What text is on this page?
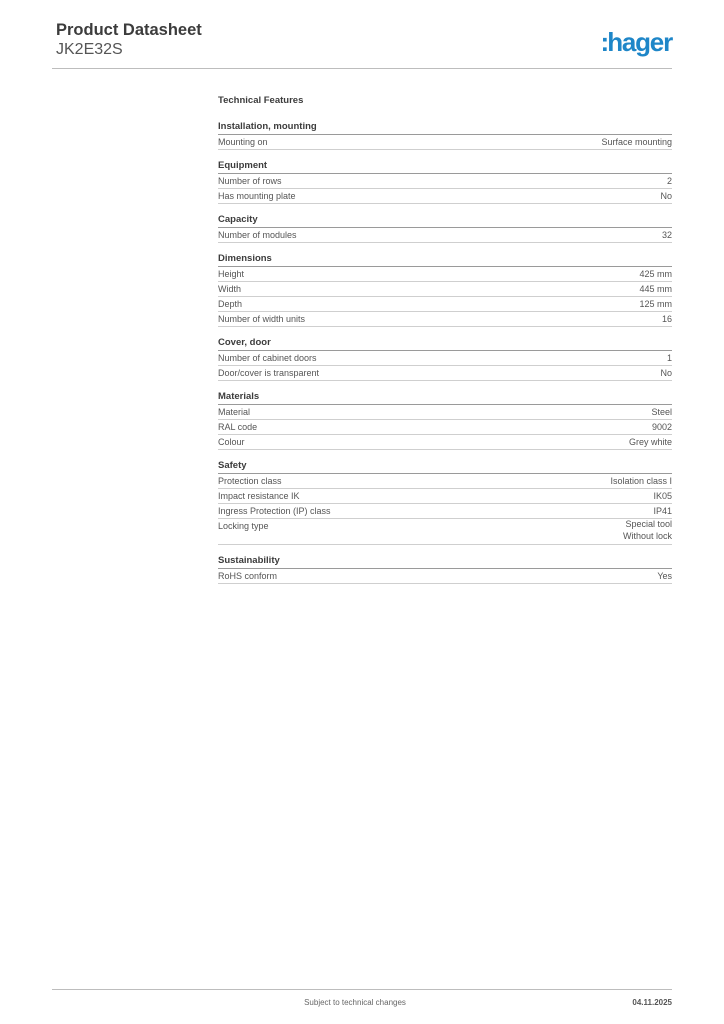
Product Datasheet
JK2E32S	:hager
Technical Features
Installation, mounting
Mounting on	Surface mounting
Equipment
Number of rows	2
Has mounting plate	No
Capacity
Number of modules	32
Dimensions
Height	425 mm
Width	445 mm
Depth	125 mm
Number of width units	16
Cover, door
Number of cabinet doors	1
Door/cover is transparent	No
Materials
Material	Steel
RAL code	9002
Colour	Grey white
Safety
Protection class	Isolation class I
Impact resistance IK	IK05
Ingress Protection (IP) class	IP41
Locking type	Special tool
Without lock
Sustainability
RoHS conform	Yes
Subject to technical changes	04.11.2025
